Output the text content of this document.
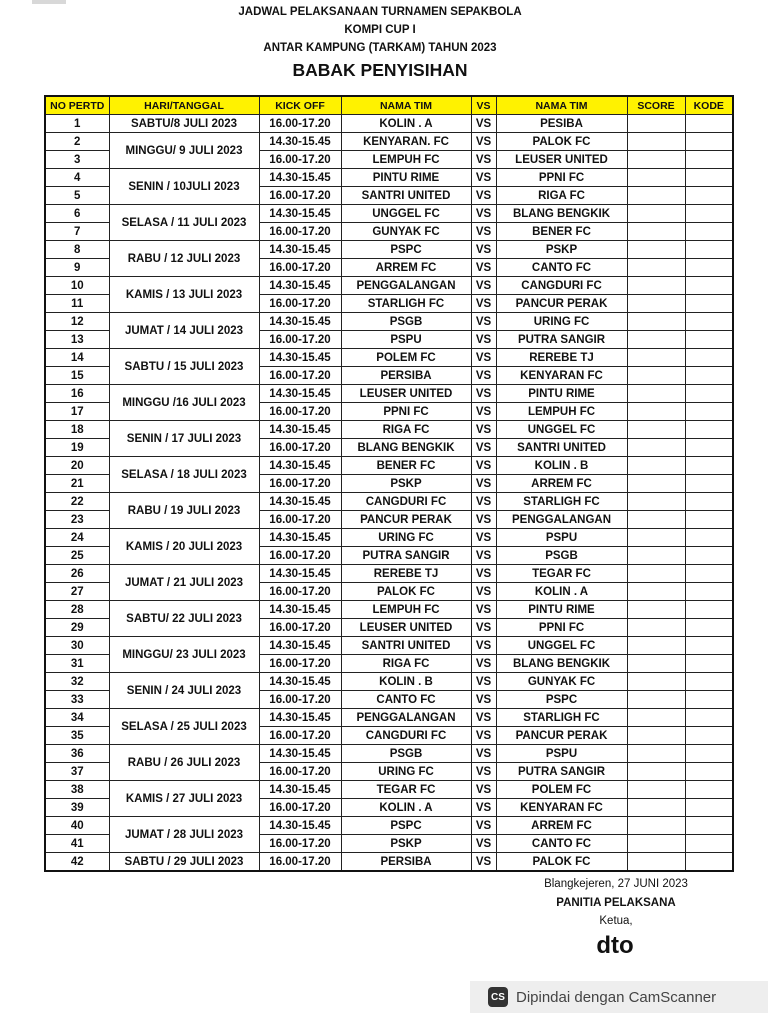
JADWAL PELAKSANAAN TURNAMEN SEPAKBOLA
KOMPI CUP I
ANTAR KAMPUNG (TARKAM) TAHUN 2023
BABAK PENYISIHAN
NO PERTD	HARI/TANGGAL	KICK OFF	NAMA TIM	VS	NAMA TIM	SCORE	KODE
1	SABTU/8 JULI 2023	16.00-17.20	KOLIN . A	VS	PESIBA		
2	MINGGU/ 9 JULI 2023	14.30-15.45	KENYARAN. FC	VS	PALOK FC		
3		16.00-17.20	LEMPUH FC	VS	LEUSER UNITED		
4	SENIN / 10JULI 2023	14.30-15.45	PINTU RIME	VS	PPNI FC		
5		16.00-17.20	SANTRI UNITED	VS	RIGA FC		
6	SELASA / 11 JULI 2023	14.30-15.45	UNGGEL FC	VS	BLANG BENGKIK		
7		16.00-17.20	GUNYAK FC	VS	BENER FC		
8	RABU / 12 JULI 2023	14.30-15.45	PSPC	VS	PSKP		
9		16.00-17.20	ARREM FC	VS	CANTO FC		
10	KAMIS / 13 JULI 2023	14.30-15.45	PENGGALANGAN	VS	CANGDURI FC		
11		16.00-17.20	STARLIGH FC	VS	PANCUR PERAK		
12	JUMAT / 14 JULI 2023	14.30-15.45	PSGB	VS	URING FC		
13		16.00-17.20	PSPU	VS	PUTRA SANGIR		
14	SABTU / 15 JULI 2023	14.30-15.45	POLEM FC	VS	REREBE TJ		
15		16.00-17.20	PERSIBA	VS	KENYARAN FC		
16	MINGGU /16 JULI 2023	14.30-15.45	LEUSER UNITED	VS	PINTU RIME		
17		16.00-17.20	PPNI FC	VS	LEMPUH FC		
18	SENIN / 17 JULI 2023	14.30-15.45	RIGA FC	VS	UNGGEL FC		
19		16.00-17.20	BLANG BENGKIK	VS	SANTRI UNITED		
20	SELASA / 18 JULI 2023	14.30-15.45	BENER FC	VS	KOLIN . B		
21		16.00-17.20	PSKP	VS	ARREM FC		
22	RABU / 19 JULI 2023	14.30-15.45	CANGDURI FC	VS	STARLIGH FC		
23		16.00-17.20	PANCUR PERAK	VS	PENGGALANGAN		
24	KAMIS / 20 JULI 2023	14.30-15.45	URING FC	VS	PSPU		
25		16.00-17.20	PUTRA SANGIR	VS	PSGB		
26	JUMAT / 21 JULI 2023	14.30-15.45	REREBE TJ	VS	TEGAR FC		
27		16.00-17.20	PALOK FC	VS	KOLIN . A		
28	SABTU/ 22 JULI 2023	14.30-15.45	LEMPUH FC	VS	PINTU RIME		
29		16.00-17.20	LEUSER UNITED	VS	PPNI FC		
30	MINGGU/ 23 JULI 2023	14.30-15.45	SANTRI UNITED	VS	UNGGEL FC		
31		16.00-17.20	RIGA FC	VS	BLANG BENGKIK		
32	SENIN / 24 JULI 2023	14.30-15.45	KOLIN . B	VS	GUNYAK FC		
33		16.00-17.20	CANTO FC	VS	PSPC		
34	SELASA / 25 JULI 2023	14.30-15.45	PENGGALANGAN	VS	STARLIGH FC		
35		16.00-17.20	CANGDURI FC	VS	PANCUR PERAK		
36	RABU / 26 JULI 2023	14.30-15.45	PSGB	VS	PSPU		
37		16.00-17.20	URING FC	VS	PUTRA SANGIR		
38	KAMIS / 27 JULI 2023	14.30-15.45	TEGAR FC	VS	POLEM FC		
39		16.00-17.20	KOLIN . A	VS	KENYARAN FC		
40	JUMAT / 28 JULI 2023	14.30-15.45	PSPC	VS	ARREM FC		
41		16.00-17.20	PSKP	VS	CANTO FC		
42	SABTU / 29 JULI 2023	16.00-17.20	PERSIBA	VS	PALOK FC		
Blangkejeren, 27 JUNI 2023
PANITIA PELAKSANA
Ketua,
dto
CS Dipindai dengan CamScanner
